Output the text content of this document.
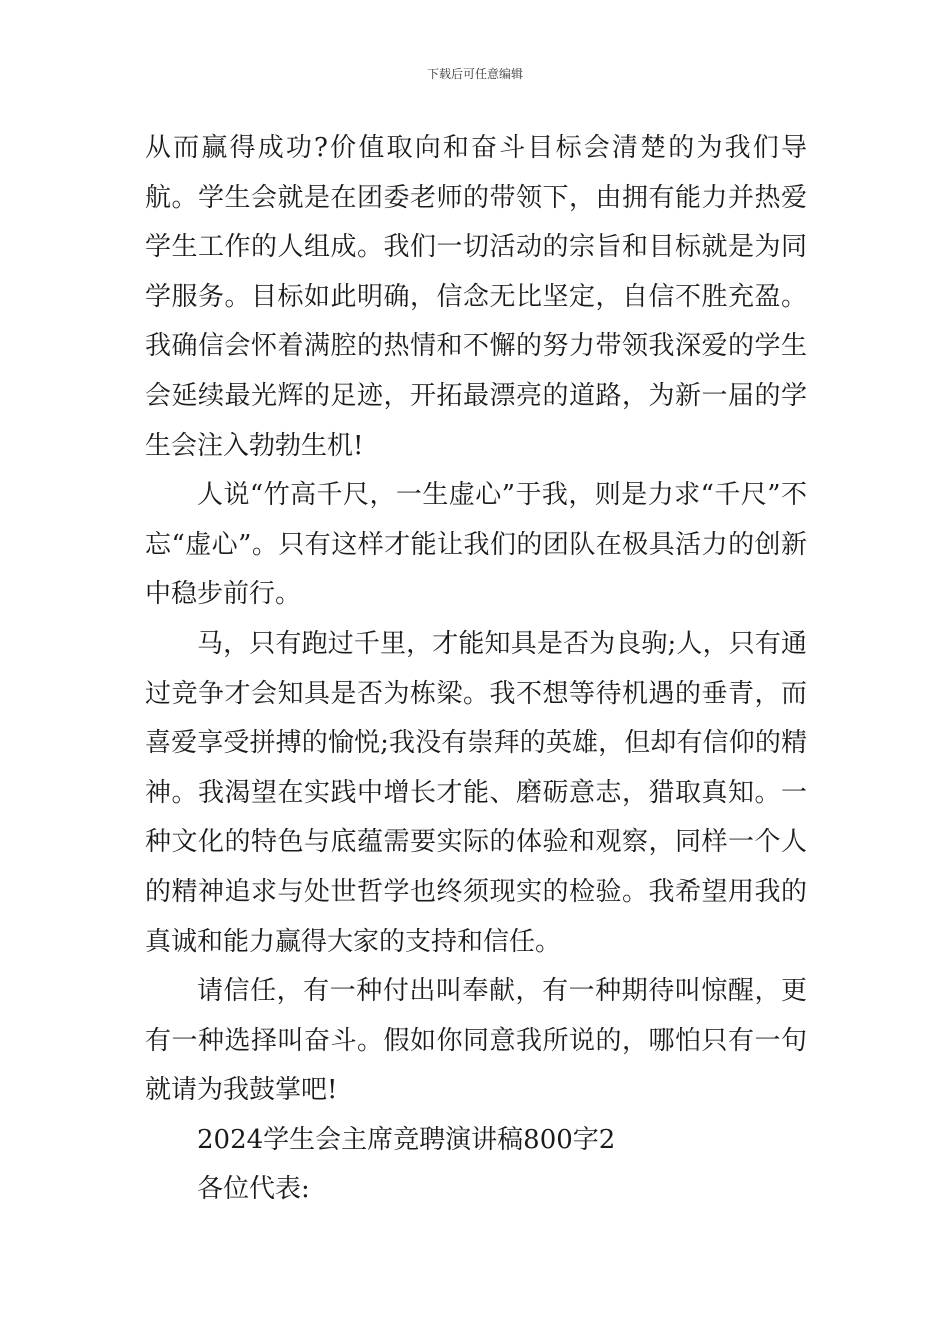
下载后可任意编辑

从而赢得成功?价值取向和奋斗目标会清楚的为我们导航。学生会就是在团委老师的带领下，由拥有能力并热爱学生工作的人组成。我们一切活动的宗旨和目标就是为同学服务。目标如此明确，信念无比坚定，自信不胜充盈。我确信会怀着满腔的热情和不懈的努力带领我深爱的学生会延续最光辉的足迹，开拓最漂亮的道路，为新一届的学生会注入勃勃生机!

人说“竹高千尺，一生虚心”于我，则是力求“千尺”不忘“虚心”。只有这样才能让我们的团队在极具活力的创新中稳步前行。

马，只有跑过千里，才能知具是否为良驹;人，只有通过竞争才会知具是否为栋梁。我不想等待机遇的垂青，而喜爱享受拼搏的愉悦;我没有崇拜的英雄，但却有信仰的精神。我渴望在实践中增长才能、磨砺意志，猎取真知。一种文化的特色与底蕴需要实际的体验和观察，同样一个人的精神追求与处世哲学也终须现实的检验。我希望用我的真诚和能力赢得大家的支持和信任。

请信任，有一种付出叫奉献，有一种期待叫惊醒，更有一种选择叫奋斗。假如你同意我所说的，哪怕只有一句就请为我鼓掌吧!

2024学生会主席竞聘演讲稿800字2

各位代表:
